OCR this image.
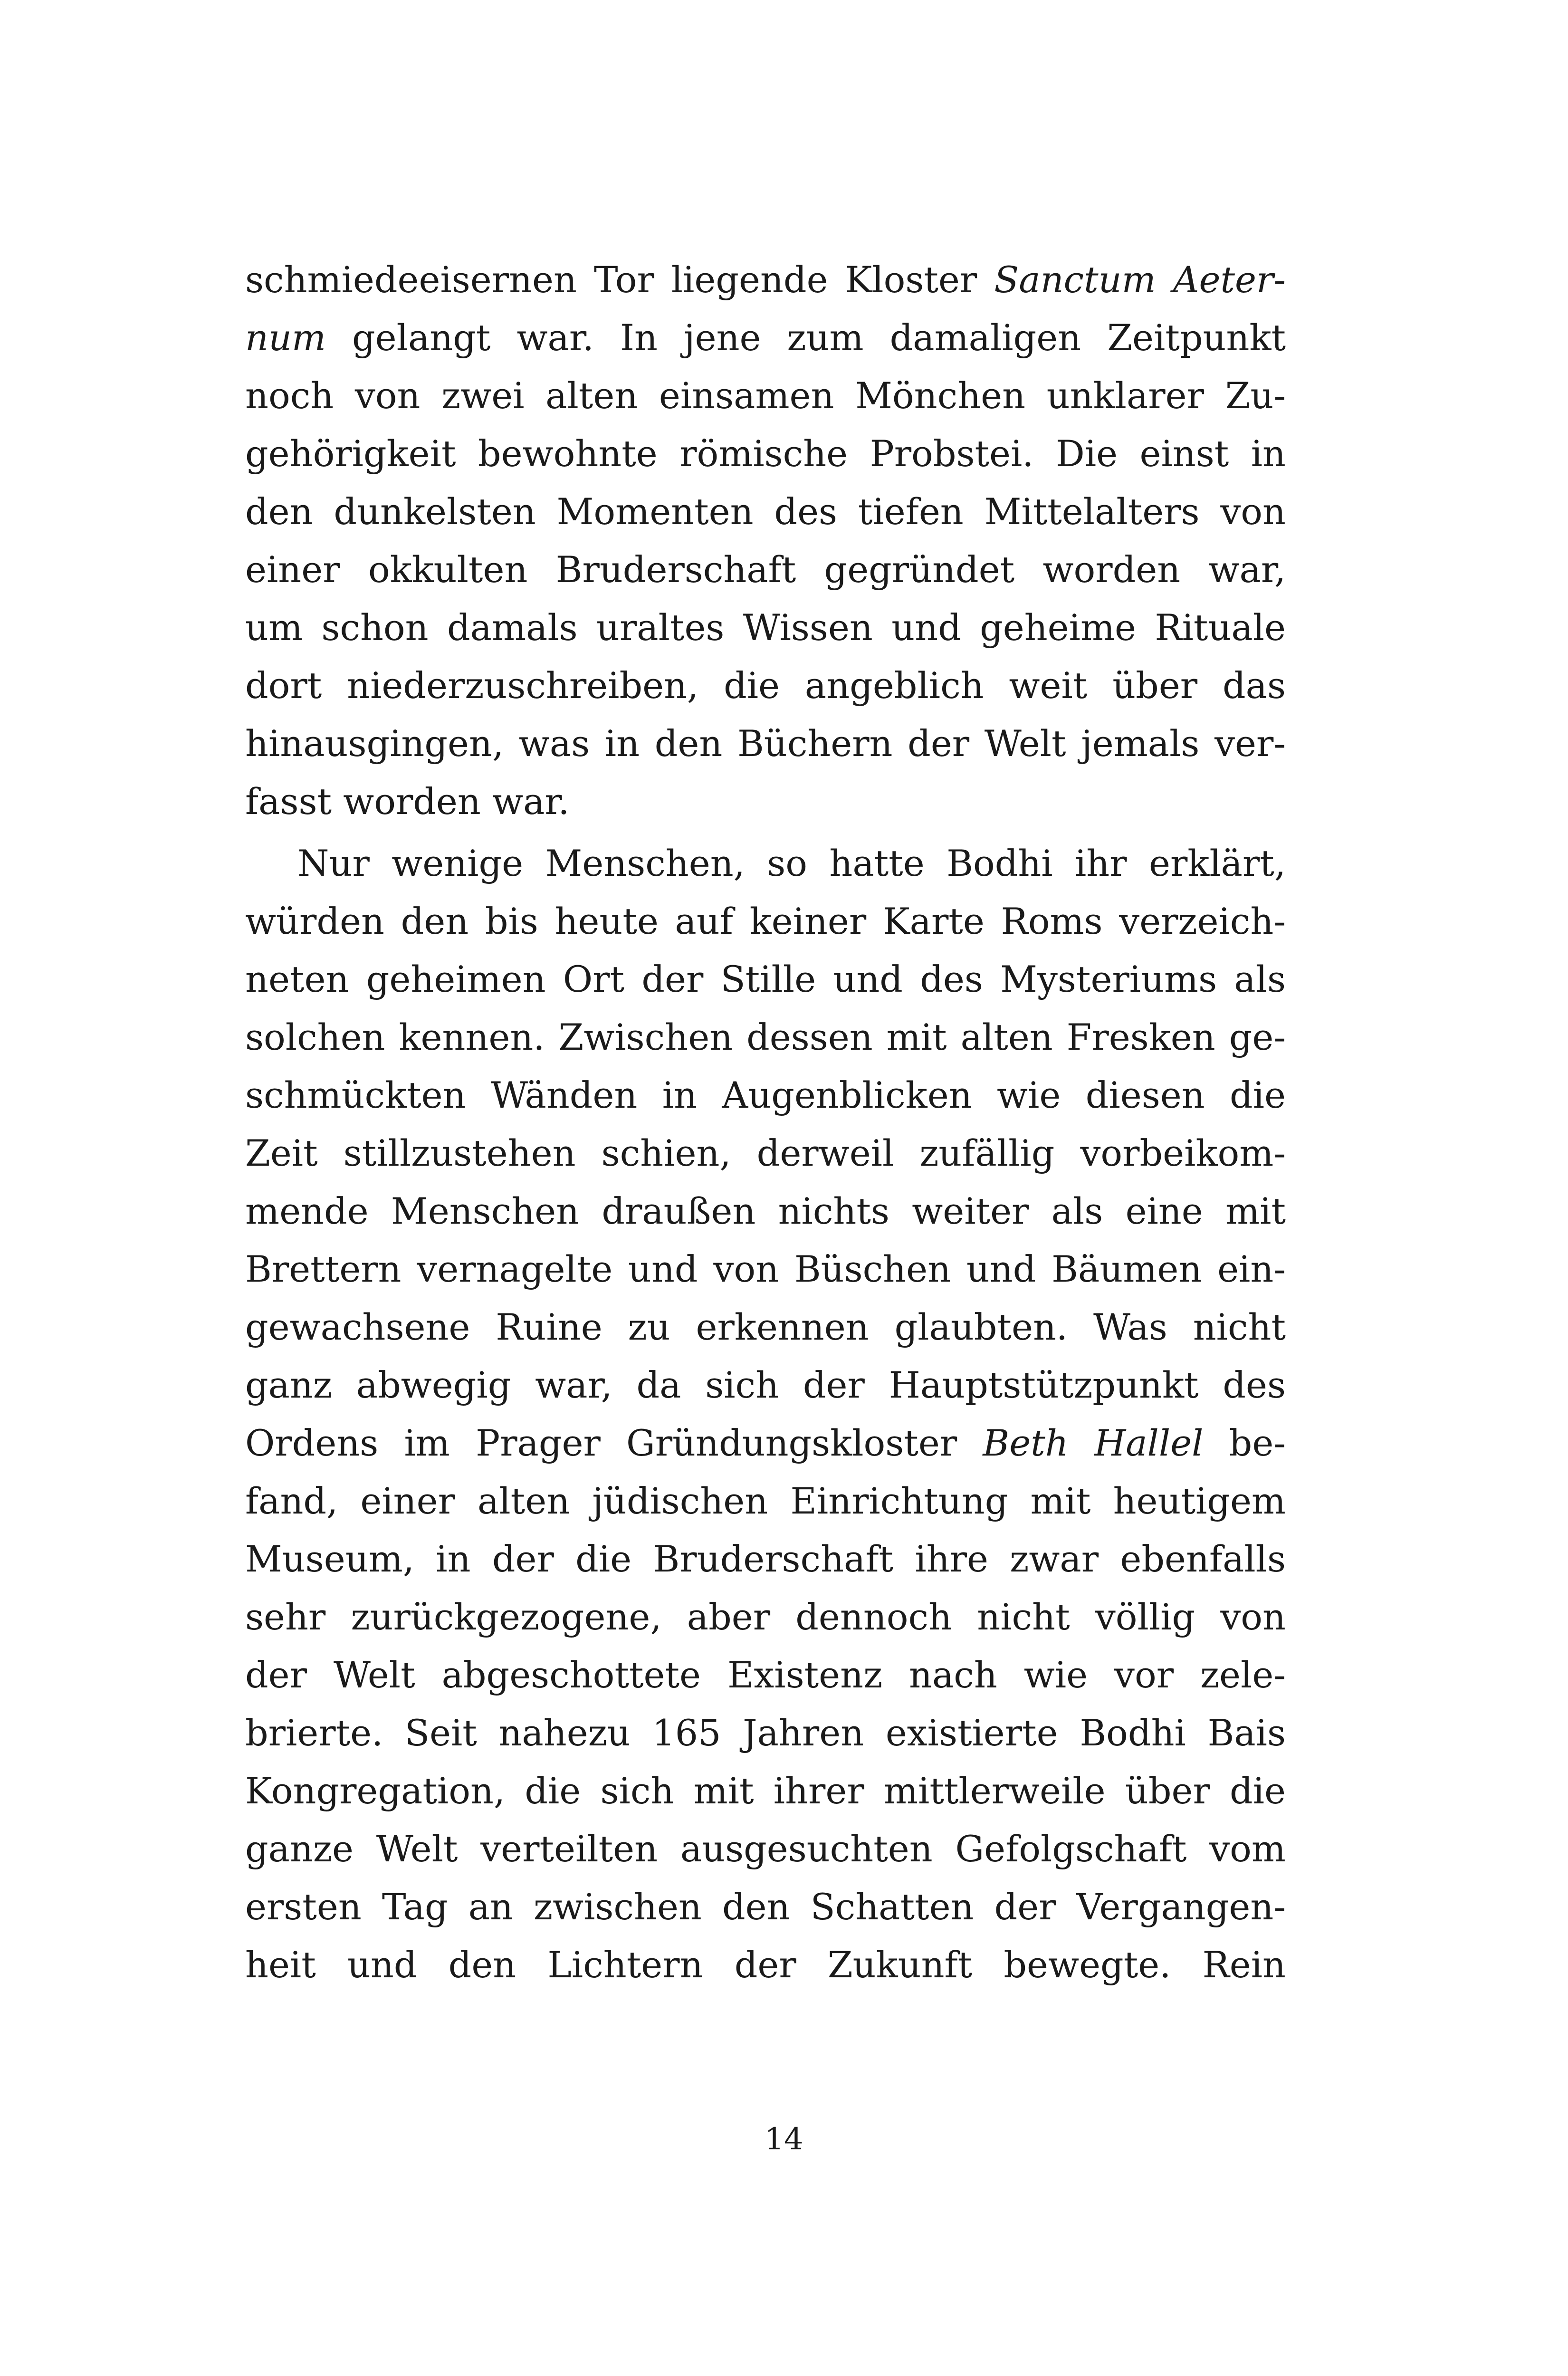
schmiedeeisernen Tor liegende Kloster Sanctum Aeter-
num gelangt war. In jene zum damaligen Zeitpunkt
noch von zwei alten einsamen Mönchen unklarer Zu-
gehörigkeit bewohnte römische Probstei. Die einst in
den dunkelsten Momenten des tiefen Mittelalters von
einer okkulten Bruderschaft gegründet worden war,
um schon damals uraltes Wissen und geheime Rituale
dort niederzuschreiben, die angeblich weit über das
hinausgingen, was in den Büchern der Welt jemals ver-
fasst worden war.
Nur wenige Menschen, so hatte Bodhi ihr erklärt,
würden den bis heute auf keiner Karte Roms verzeich-
neten geheimen Ort der Stille und des Mysteriums als
solchen kennen. Zwischen dessen mit alten Fresken ge-
schmückten Wänden in Augenblicken wie diesen die
Zeit stillzustehen schien, derweil zufällig vorbeikom-
mende Menschen draußen nichts weiter als eine mit
Brettern vernagelte und von Büschen und Bäumen ein-
gewachsene Ruine zu erkennen glaubten. Was nicht
ganz abwegig war, da sich der Hauptstützpunkt des
Ordens im Prager Gründungskloster Beth Hallel be-
fand, einer alten jüdischen Einrichtung mit heutigem
Museum, in der die Bruderschaft ihre zwar ebenfalls
sehr zurückgezogene, aber dennoch nicht völlig von
der Welt abgeschottete Existenz nach wie vor zele-
brierte. Seit nahezu 165 Jahren existierte Bodhi Bais
Kongregation, die sich mit ihrer mittlerweile über die
ganze Welt verteilten ausgesuchten Gefolgschaft vom
ersten Tag an zwischen den Schatten der Vergangen-
heit und den Lichtern der Zukunft bewegte. Rein
14
